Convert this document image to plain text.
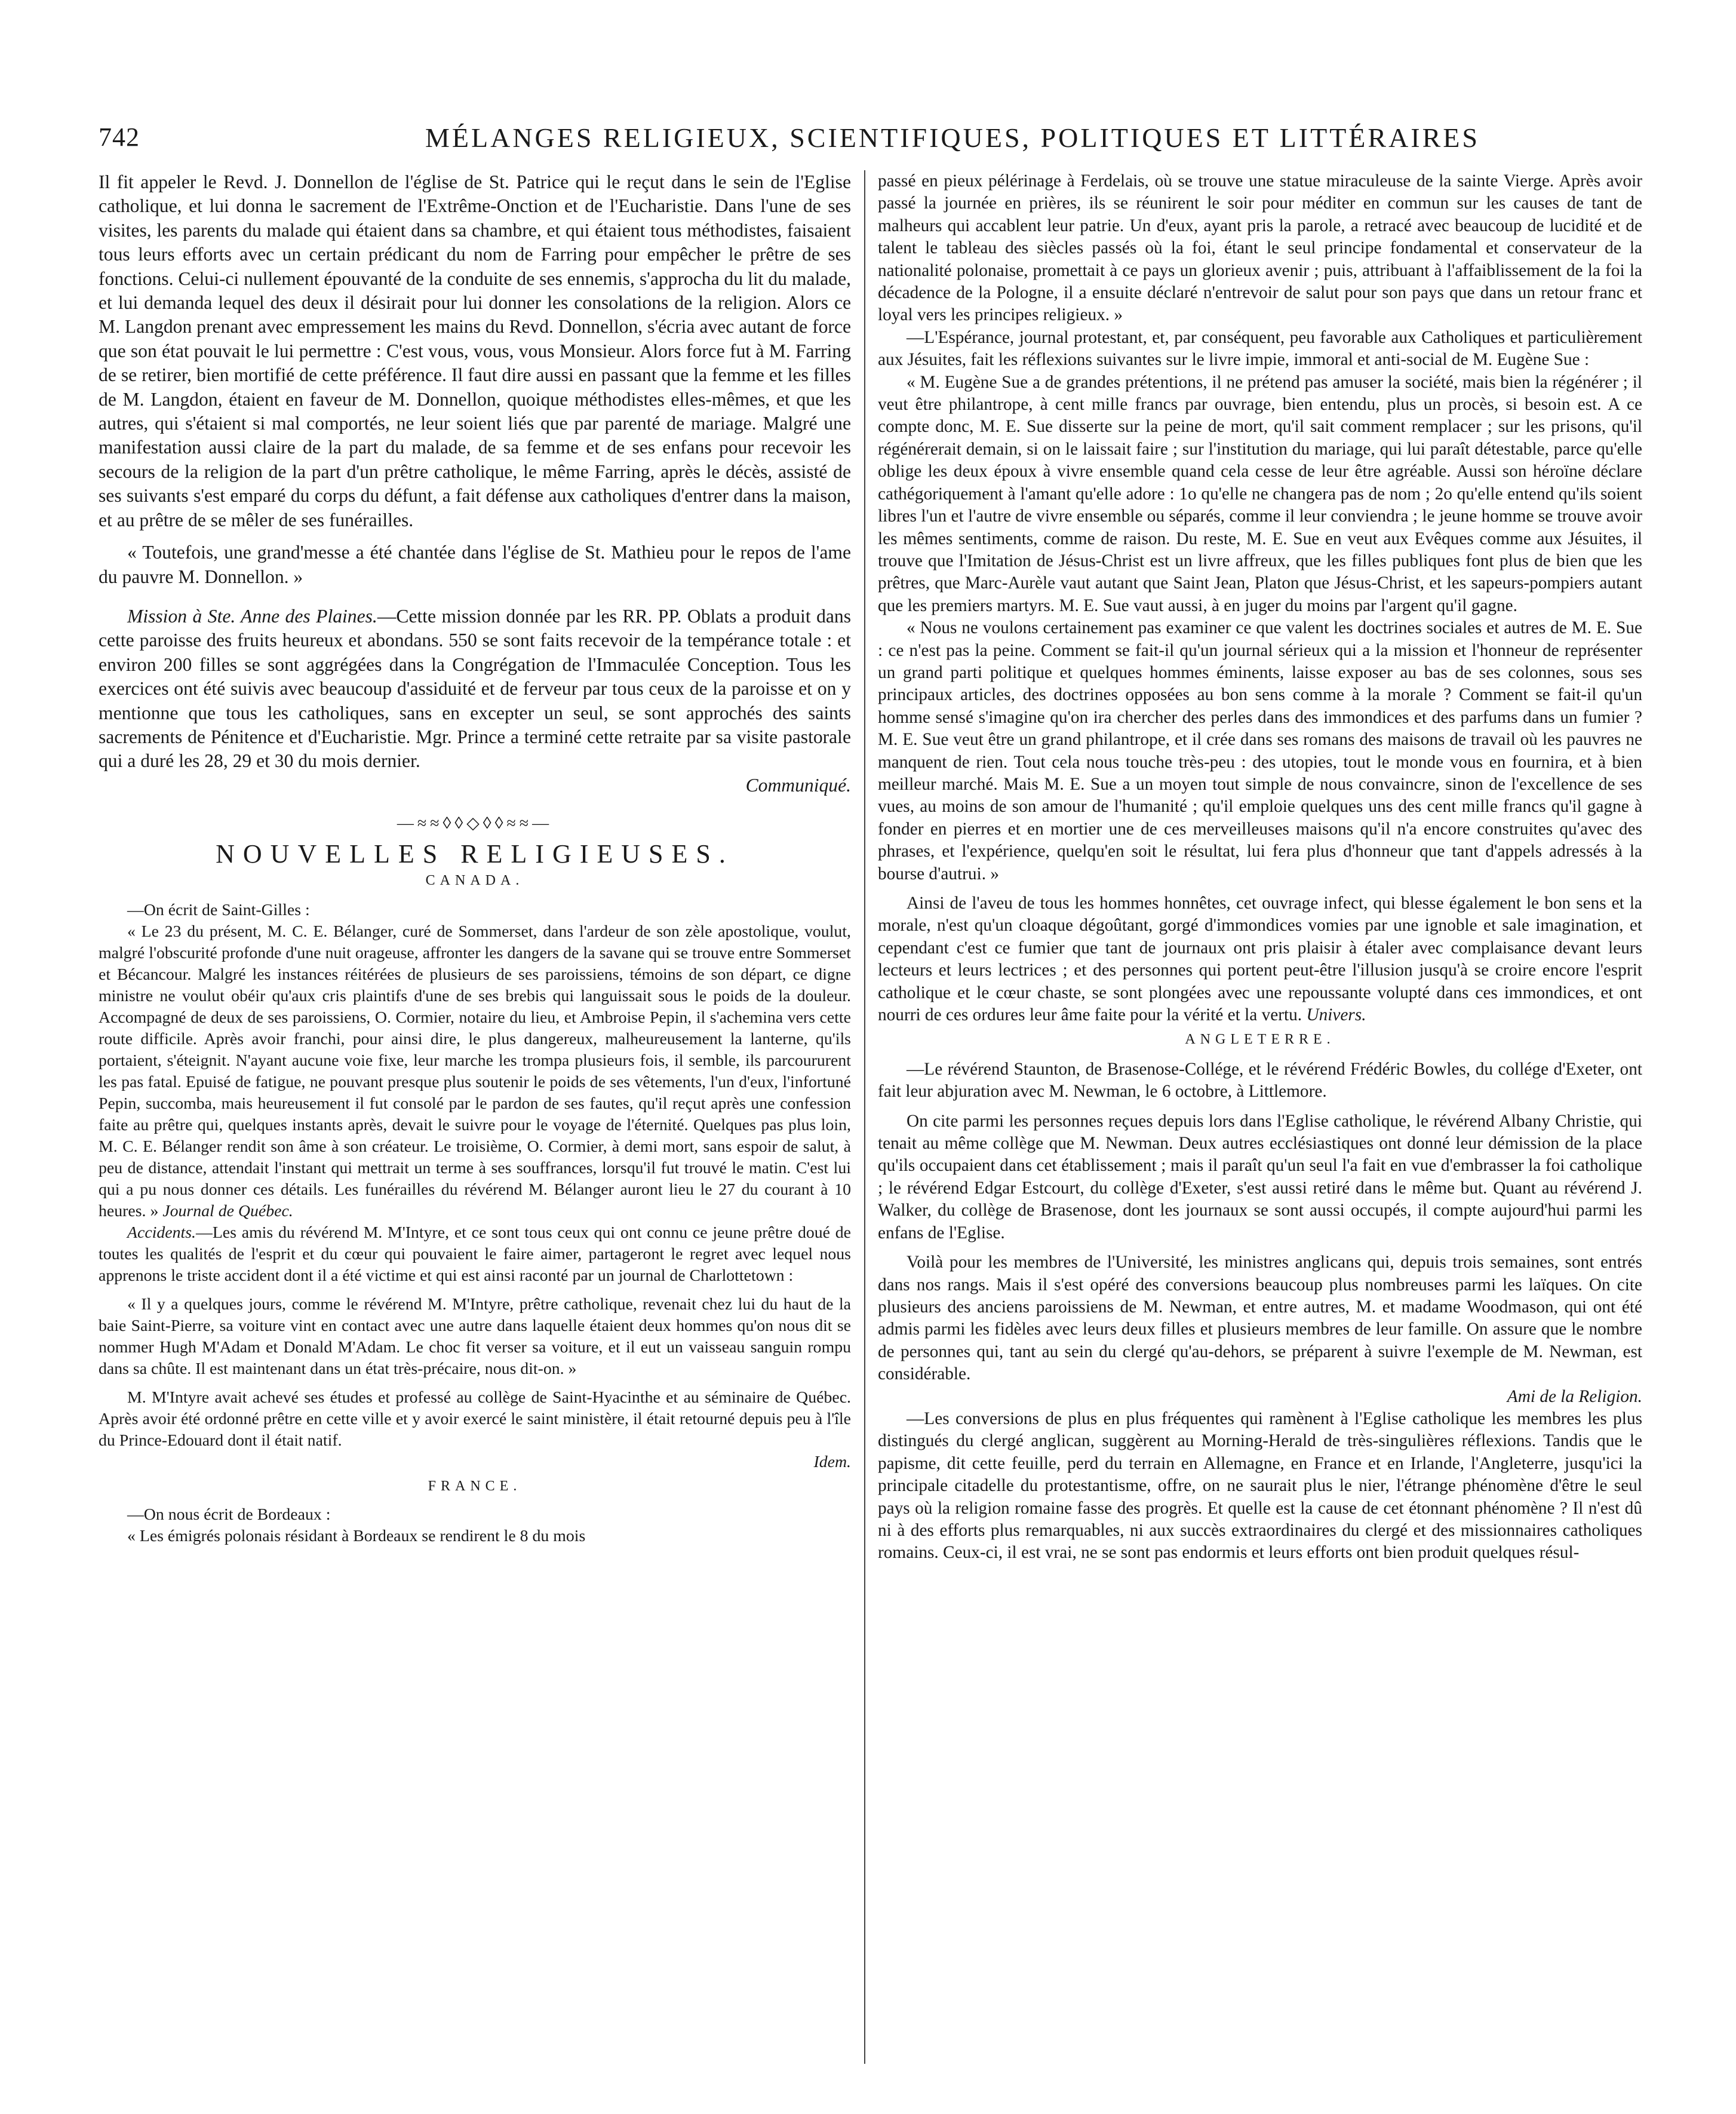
742	MÉLANGES RELIGIEUX, SCIENTIFIQUES, POLITIQUES ET LITTÉRAIRES

Il fit appeler le Revd. J. Donnellon de l'église de St. Patrice qui le reçut dans le sein de l'Eglise catholique, et lui donna le sacrement de l'Extrême-Onction et de l'Eucharistie. Dans l'une de ses visites, les parents du malade qui étaient dans sa chambre, et qui étaient tous méthodistes, faisaient tous leurs efforts avec un certain prédicant du nom de Farring pour empêcher le prêtre de ses fonctions. Celui-ci nullement épouvanté de la conduite de ses ennemis, s'approcha du lit du malade, et lui demanda lequel des deux il désirait pour lui donner les consolations de la religion. Alors ce M. Langdon prenant avec empressement les mains du Revd. Donnellon, s'écria avec autant de force que son état pouvait le lui permettre : C'est vous, vous, vous Monsieur. Alors force fut à M. Farring de se retirer, bien mortifié de cette préférence. Il faut dire aussi en passant que la femme et les filles de M. Langdon, étaient en faveur de M. Donnellon, quoique méthodistes elles-mêmes, et que les autres, qui s'étaient si mal comportés, ne leur soient liés que par parenté de mariage. Malgré une manifestation aussi claire de la part du malade, de sa femme et de ses enfans pour recevoir les secours de la religion de la part d'un prêtre catholique, le même Farring, après le décès, assisté de ses suivants s'est emparé du corps du défunt, a fait défense aux catholiques d'entrer dans la maison, et au prêtre de se mêler de ses funérailles.

« Toutefois, une grand'messe a été chantée dans l'église de St. Mathieu pour le repos de l'ame du pauvre M. Donnellon. »

Mission à Ste. Anne des Plaines.—Cette mission donnée par les RR. PP. Oblats a produit dans cette paroisse des fruits heureux et abondans. 550 se sont faits recevoir de la tempérance totale : et environ 200 filles se sont aggrégées dans la Congrégation de l'Immaculée Conception. Tous les exercices ont été suivis avec beaucoup d'assiduité et de ferveur par tous ceux de la paroisse et on y mentionne que tous les catholiques, sans en excepter un seul, se sont approchés des saints sacrements de Pénitence et d'Eucharistie. Mgr. Prince a terminé cette retraite par sa visite pastorale qui a duré les 28, 29 et 30 du mois dernier.
Communiqué.

—≈≈◊◊◇◊◊≈≈—
NOUVELLES RELIGIEUSES.
CANADA.

—On écrit de Saint-Gilles :

« Le 23 du présent, M. C. E. Bélanger, curé de Sommerset, dans l'ardeur de son zèle apostolique, voulut, malgré l'obscurité profonde d'une nuit orageuse, affronter les dangers de la savane qui se trouve entre Sommerset et Bécancour. Malgré les instances réitérées de plusieurs de ses paroissiens, témoins de son départ, ce digne ministre ne voulut obéir qu'aux cris plaintifs d'une de ses brebis qui languissait sous le poids de la douleur. Accompagné de deux de ses paroissiens, O. Cormier, notaire du lieu, et Ambroise Pepin, il s'achemina vers cette route difficile. Après avoir franchi, pour ainsi dire, le plus dangereux, malheureusement la lanterne, qu'ils portaient, s'éteignit. N'ayant aucune voie fixe, leur marche les trompa plusieurs fois, il semble, ils parcoururent les pas fatal. Epuisé de fatigue, ne pouvant presque plus soutenir le poids de ses vêtements, l'un d'eux, l'infortuné Pepin, succomba, mais heureusement il fut consolé par le pardon de ses fautes, qu'il reçut après une confession faite au prêtre qui, quelques instants après, devait le suivre pour le voyage de l'éternité. Quelques pas plus loin, M. C. E. Bélanger rendit son âme à son créateur. Le troisième, O. Cormier, à demi mort, sans espoir de salut, à peu de distance, attendait l'instant qui mettrait un terme à ses souffrances, lorsqu'il fut trouvé le matin. C'est lui qui a pu nous donner ces détails. Les funérailles du révérend M. Bélanger auront lieu le 27 du courant à 10 heures. » Journal de Québec.

Accidents.—Les amis du révérend M. M'Intyre, et ce sont tous ceux qui ont connu ce jeune prêtre doué de toutes les qualités de l'esprit et du cœur qui pouvaient le faire aimer, partageront le regret avec lequel nous apprenons le triste accident dont il a été victime et qui est ainsi raconté par un journal de Charlottetown :

« Il y a quelques jours, comme le révérend M. M'Intyre, prêtre catholique, revenait chez lui du haut de la baie Saint-Pierre, sa voiture vint en contact avec une autre dans laquelle étaient deux hommes qu'on nous dit se nommer Hugh M'Adam et Donald M'Adam. Le choc fit verser sa voiture, et il eut un vaisseau sanguin rompu dans sa chûte. Il est maintenant dans un état très-précaire, nous dit-on. »

M. M'Intyre avait achevé ses études et professé au collège de Saint-Hyacinthe et au séminaire de Québec. Après avoir été ordonné prêtre en cette ville et y avoir exercé le saint ministère, il était retourné depuis peu à l'île du Prince-Edouard dont il était natif.
Idem.

FRANCE.

—On nous écrit de Bordeaux :

« Les émigrés polonais résidant à Bordeaux se rendirent le 8 du mois

passé en pieux pélérinage à Ferdelais, où se trouve une statue miraculeuse de la sainte Vierge. Après avoir passé la journée en prières, ils se réunirent le soir pour méditer en commun sur les causes de tant de malheurs qui accablent leur patrie. Un d'eux, ayant pris la parole, a retracé avec beaucoup de lucidité et de talent le tableau des siècles passés où la foi, étant le seul principe fondamental et conservateur de la nationalité polonaise, promettait à ce pays un glorieux avenir ; puis, attribuant à l'affaiblissement de la foi la décadence de la Pologne, il a ensuite déclaré n'entrevoir de salut pour son pays que dans un retour franc et loyal vers les principes religieux. »

—L'Espérance, journal protestant, et, par conséquent, peu favorable aux Catholiques et particulièrement aux Jésuites, fait les réflexions suivantes sur le livre impie, immoral et anti-social de M. Eugène Sue :

« M. Eugène Sue a de grandes prétentions, il ne prétend pas amuser la société, mais bien la régénérer ; il veut être philantrope, à cent mille francs par ouvrage, bien entendu, plus un procès, si besoin est. A ce compte donc, M. E. Sue disserte sur la peine de mort, qu'il sait comment remplacer ; sur les prisons, qu'il régénérerait demain, si on le laissait faire ; sur l'institution du mariage, qui lui paraît détestable, parce qu'elle oblige les deux époux à vivre ensemble quand cela cesse de leur être agréable. Aussi son héroïne déclare cathégoriquement à l'amant qu'elle adore : 1o qu'elle ne changera pas de nom ; 2o qu'elle entend qu'ils soient libres l'un et l'autre de vivre ensemble ou séparés, comme il leur conviendra ; le jeune homme se trouve avoir les mêmes sentiments, comme de raison. Du reste, M. E. Sue en veut aux Evêques comme aux Jésuites, il trouve que l'Imitation de Jésus-Christ est un livre affreux, que les filles publiques font plus de bien que les prêtres, que Marc-Aurèle vaut autant que Saint Jean, Platon que Jésus-Christ, et les sapeurs-pompiers autant que les premiers martyrs. M. E. Sue vaut aussi, à en juger du moins par l'argent qu'il gagne.

« Nous ne voulons certainement pas examiner ce que valent les doctrines sociales et autres de M. E. Sue : ce n'est pas la peine. Comment se fait-il qu'un journal sérieux qui a la mission et l'honneur de représenter un grand parti politique et quelques hommes éminents, laisse exposer au bas de ses colonnes, sous ses principaux articles, des doctrines opposées au bon sens comme à la morale ? Comment se fait-il qu'un homme sensé s'imagine qu'on ira chercher des perles dans des immondices et des parfums dans un fumier ? M. E. Sue veut être un grand philantrope, et il crée dans ses romans des maisons de travail où les pauvres ne manquent de rien. Tout cela nous touche très-peu : des utopies, tout le monde vous en fournira, et à bien meilleur marché. Mais M. E. Sue a un moyen tout simple de nous convaincre, sinon de l'excellence de ses vues, au moins de son amour de l'humanité ; qu'il emploie quelques uns des cent mille francs qu'il gagne à fonder en pierres et en mortier une de ces merveilleuses maisons qu'il n'a encore construites qu'avec des phrases, et l'expérience, quelqu'en soit le résultat, lui fera plus d'honneur que tant d'appels adressés à la bourse d'autrui. »

Ainsi de l'aveu de tous les hommes honnêtes, cet ouvrage infect, qui blesse également le bon sens et la morale, n'est qu'un cloaque dégoûtant, gorgé d'immondices vomies par une ignoble et sale imagination, et cependant c'est ce fumier que tant de journaux ont pris plaisir à étaler avec complaisance devant leurs lecteurs et leurs lectrices ; et des personnes qui portent peut-être l'illusion jusqu'à se croire encore l'esprit catholique et le cœur chaste, se sont plongées avec une repoussante volupté dans ces immondices, et ont nourri de ces ordures leur âme faite pour la vérité et la vertu. Univers.

ANGLETERRE.

—Le révérend Staunton, de Brasenose-Collége, et le révérend Frédéric Bowles, du collége d'Exeter, ont fait leur abjuration avec M. Newman, le 6 octobre, à Littlemore.

On cite parmi les personnes reçues depuis lors dans l'Eglise catholique, le révérend Albany Christie, qui tenait au même collège que M. Newman. Deux autres ecclésiastiques ont donné leur démission de la place qu'ils occupaient dans cet établissement ; mais il paraît qu'un seul l'a fait en vue d'embrasser la foi catholique ; le révérend Edgar Estcourt, du collège d'Exeter, s'est aussi retiré dans le même but. Quant au révérend J. Walker, du collège de Brasenose, dont les journaux se sont aussi occupés, il compte aujourd'hui parmi les enfans de l'Eglise.

Voilà pour les membres de l'Université, les ministres anglicans qui, depuis trois semaines, sont entrés dans nos rangs. Mais il s'est opéré des conversions beaucoup plus nombreuses parmi les laïques. On cite plusieurs des anciens paroissiens de M. Newman, et entre autres, M. et madame Woodmason, qui ont été admis parmi les fidèles avec leurs deux filles et plusieurs membres de leur famille. On assure que le nombre de personnes qui, tant au sein du clergé qu'au-dehors, se préparent à suivre l'exemple de M. Newman, est considérable.
Ami de la Religion.

—Les conversions de plus en plus fréquentes qui ramènent à l'Eglise catholique les membres les plus distingués du clergé anglican, suggèrent au Morning-Herald de très-singulières réflexions. Tandis que le papisme, dit cette feuille, perd du terrain en Allemagne, en France et en Irlande, l'Angleterre, jusqu'ici la principale citadelle du protestantisme, offre, on ne saurait plus le nier, l'étrange phénomène d'être le seul pays où la religion romaine fasse des progrès. Et quelle est la cause de cet étonnant phénomène ? Il n'est dû ni à des efforts plus remarquables, ni aux succès extraordinaires du clergé et des missionnaires catholiques romains. Ceux-ci, il est vrai, ne se sont pas endormis et leurs efforts ont bien produit quelques résul-
